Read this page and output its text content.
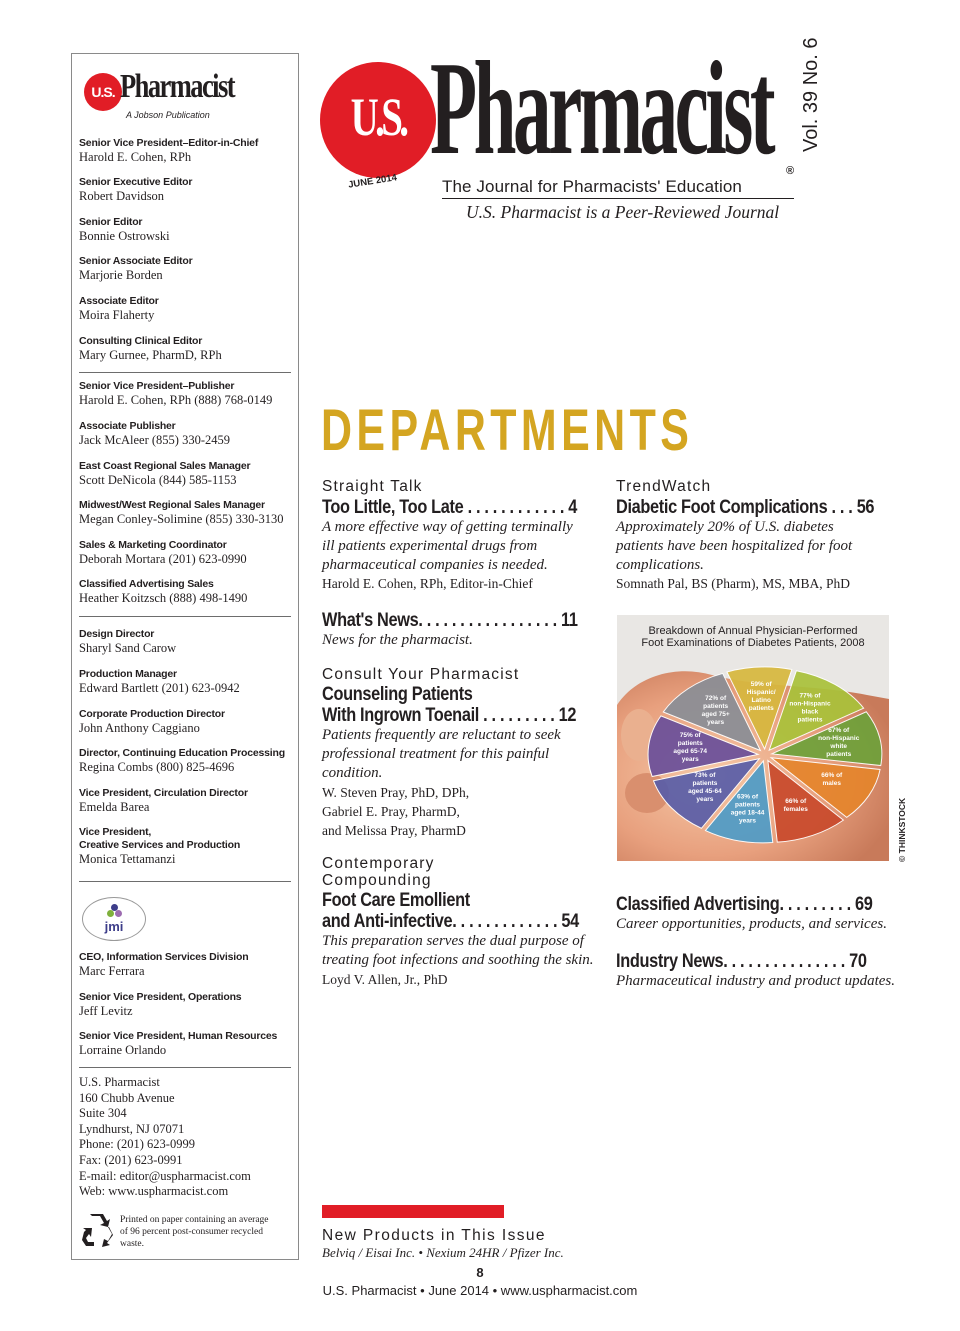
U.S. Pharmacist
A Jobson Publication
Senior Vice President–Editor-in-Chief
Harold E. Cohen, RPh
Senior Executive Editor
Robert Davidson
Senior Editor
Bonnie Ostrowski
Senior Associate Editor
Marjorie Borden
Associate Editor
Moira Flaherty
Consulting Clinical Editor
Mary Gurnee, PharmD, RPh
Senior Vice President–Publisher
Harold E. Cohen, RPh (888) 768-0149
Associate Publisher
Jack McAleer (855) 330-2459
East Coast Regional Sales Manager
Scott DeNicola (844) 585-1153
Midwest/West Regional Sales Manager
Megan Conley-Solimine (855) 330-3130
Sales & Marketing Coordinator
Deborah Mortara (201) 623-0990
Classified Advertising Sales
Heather Koitzsch (888) 498-1490
Design Director
Sharyl Sand Carow
Production Manager
Edward Bartlett (201) 623-0942
Corporate Production Director
John Anthony Caggiano
Director, Continuing Education Processing
Regina Combs (800) 825-4696
Vice President, Circulation Director
Emelda Barea
Vice President,
Creative Services and Production
Monica Tettamanzi
jmi
CEO, Information Services Division
Marc Ferrara
Senior Vice President, Operations
Jeff Levitz
Senior Vice President, Human Resources
Lorraine Orlando
U.S. Pharmacist
160 Chubb Avenue
Suite 304
Lyndhurst, NJ 07071
Phone: (201) 623-0999
Fax: (201) 623-0991
E-mail: editor@uspharmacist.com
Web: www.uspharmacist.com
Printed on paper containing an average of 96 percent post-consumer recycled waste.
U.S. Pharmacist ®
JUNE 2014	The Journal for Pharmacists' Education
U.S. Pharmacist is a Peer-Reviewed Journal
Vol. 39 No. 6
DEPARTMENTS
Straight Talk
Too Little, Too Late . . . . . . . . . . . . 4
A more effective way of getting terminally
ill patients experimental drugs from
pharmaceutical companies is needed.
Harold E. Cohen, RPh, Editor-in-Chief
What's News. . . . . . . . . . . . . . . . . 11
News for the pharmacist.
Consult Your Pharmacist
Counseling Patients
With Ingrown Toenail . . . . . . . . . 12
Patients frequently are reluctant to seek
professional treatment for this painful
condition.
W. Steven Pray, PhD, DPh,
Gabriel E. Pray, PharmD,
and Melissa Pray, PharmD
Contemporary
Compounding
Foot Care Emollient
and Anti-infective. . . . . . . . . . . . . 54
This preparation serves the dual purpose of
treating foot infections and soothing the skin.
Loyd V. Allen, Jr., PhD
TrendWatch
Diabetic Foot Complications . . . 56
Approximately 20% of U.S. diabetes
patients have been hospitalized for foot
complications.
Somnath Pal, BS (Pharm), MS, MBA, PhD
59% of Hispanic/ Latino patients
77% of non-Hispanic black patients
67% of non-Hispanic white patients
66% of males
66% of females
63% of patients aged 18-44 years
73% of patients aged 45-64 years
75% of patients aged 65-74 years
72% of patients aged 75+ years
Breakdown of Annual Physician-Performed
Foot Examinations of Diabetes Patients, 2008
© THINKSTOCK
Classified Advertising. . . . . . . . . 69
Career opportunities, products, and services.
Industry News. . . . . . . . . . . . . . . 70
Pharmaceutical industry and product updates.
New Products in This Issue
Belviq / Eisai Inc. • Nexium 24HR / Pfizer Inc.
8
U.S. Pharmacist • June 2014 • www.uspharmacist.com
